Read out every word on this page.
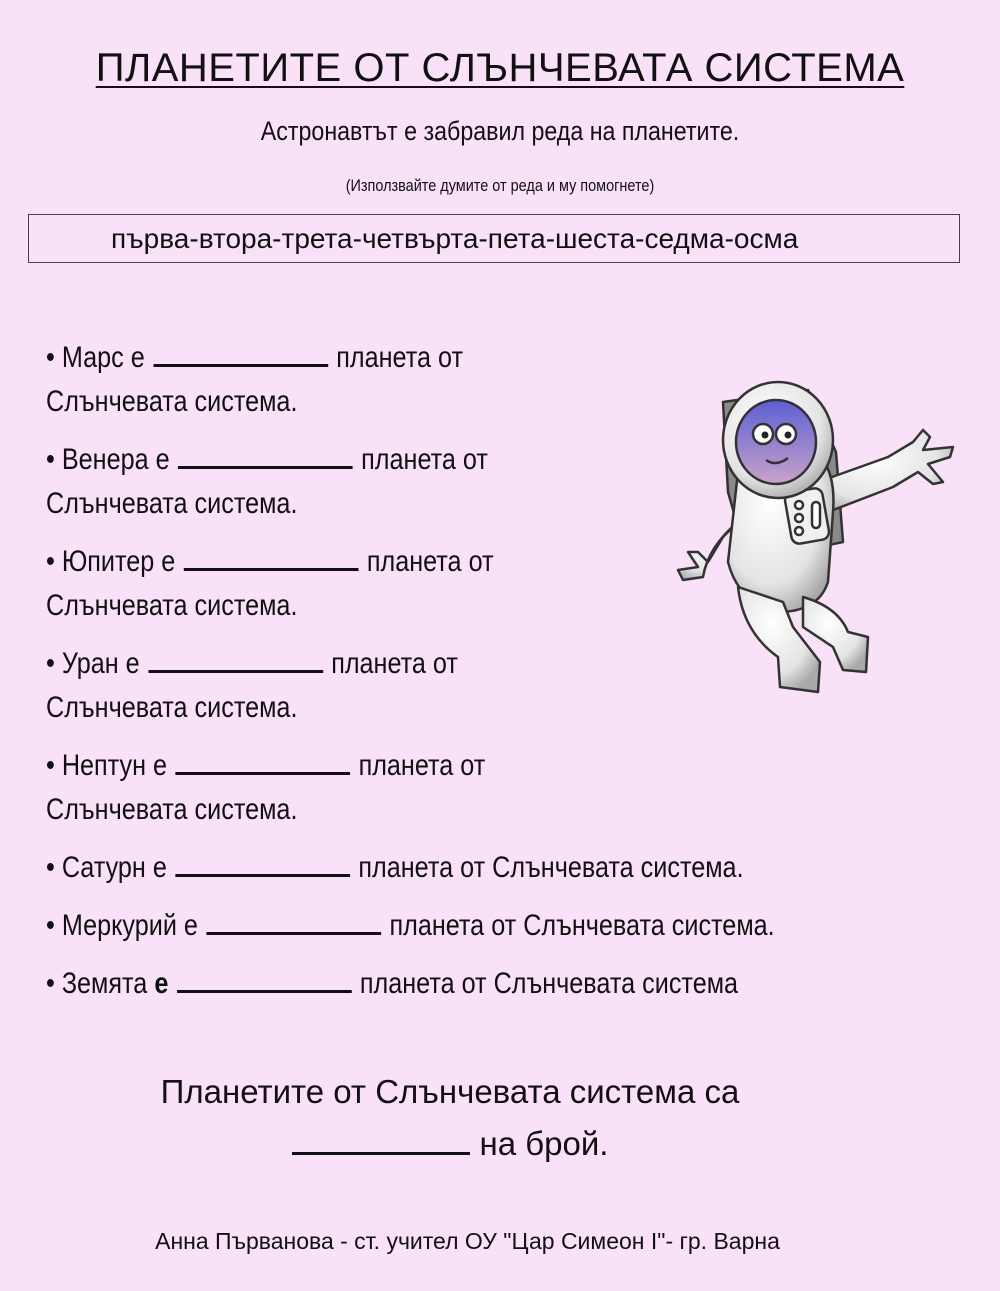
ПЛАНЕТИТЕ ОТ СЛЪНЧЕВАТА СИСТЕМА
Астронавтът е забравил реда на планетите.
(Използвайте думите от реда и му помогнете)
първа-втора-трета-четвърта-пета-шеста-седма-осма
• Марс е	планета от
Слънчевата система.
• Венера е	планета от
Слънчевата система.
• Юпитер е	планета от
Слънчевата система.
• Уран е	планета от
Слънчевата система.
• Нептун е	планета от
Слънчевата система.
• Сатурн е	планета от Слънчевата система.
• Меркурий е	планета от Слънчевата система.
• Земята е	планета от Слънчевата система
Планетите от Слънчевата система са
на брой.
Анна Първанова - ст. учител ОУ "Цар Симеон I"- гр. Варна
